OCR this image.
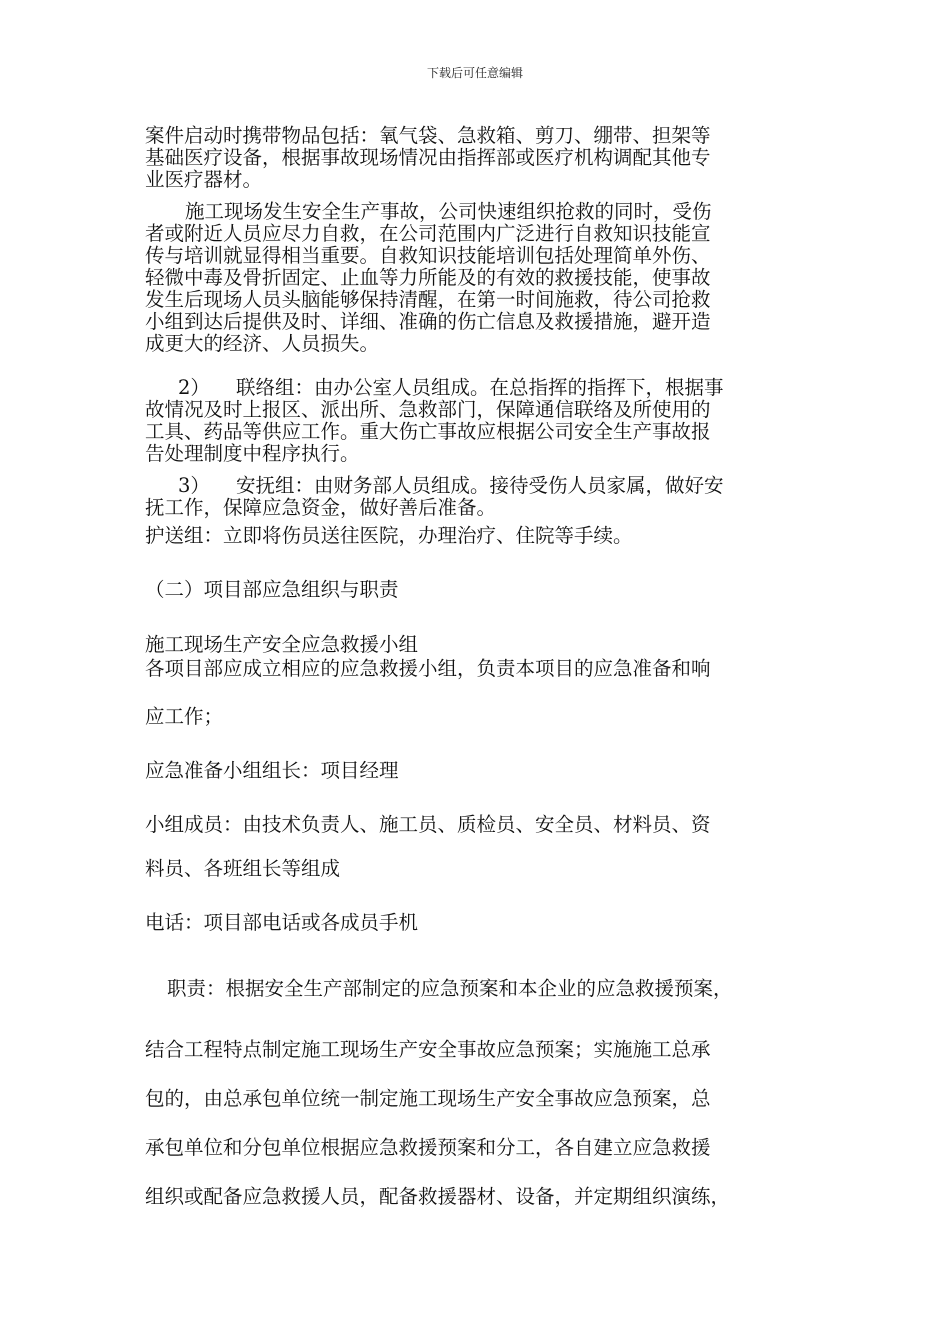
下载后可任意编辑
案件启动时携带物品包括：氧气袋、急救箱、剪刀、绷带、担架等
基础医疗设备，根据事故现场情况由指挥部或医疗机构调配其他专
业医疗器材。
施工现场发生安全生产事故，公司快速组织抢救的同时，受伤
者或附近人员应尽力自救，在公司范围内广泛进行自救知识技能宣
传与培训就显得相当重要。自救知识技能培训包括处理简单外伤、
轻微中毒及骨折固定、止血等力所能及的有效的救援技能，使事故
发生后现场人员头脑能够保持清醒，在第一时间施救，待公司抢救
小组到达后提供及时、详细、准确的伤亡信息及救援措施，避开造
成更大的经济、人员损失。
2） 联络组：由办公室人员组成。在总指挥的指挥下，根据事
故情况及时上报区、派出所、急救部门，保障通信联络及所使用的
工具、药品等供应工作。重大伤亡事故应根据公司安全生产事故报
告处理制度中程序执行。
3） 安抚组：由财务部人员组成。接待受伤人员家属，做好安
抚工作，保障应急资金，做好善后准备。
护送组：立即将伤员送往医院，办理治疗、住院等手续。
（二）项目部应急组织与职责
施工现场生产安全应急救援小组
各项目部应成立相应的应急救援小组，负责本项目的应急准备和响
应工作；
应急准备小组组长：项目经理
小组成员：由技术负责人、施工员、质检员、安全员、材料员、资
料员、各班组长等组成
电话：项目部电话或各成员手机
职责：根据安全生产部制定的应急预案和本企业的应急救援预案，
结合工程特点制定施工现场生产安全事故应急预案；实施施工总承
包的，由总承包单位统一制定施工现场生产安全事故应急预案，总
承包单位和分包单位根据应急救援预案和分工，各自建立应急救援
组织或配备应急救援人员，配备救援器材、设备，并定期组织演练，
